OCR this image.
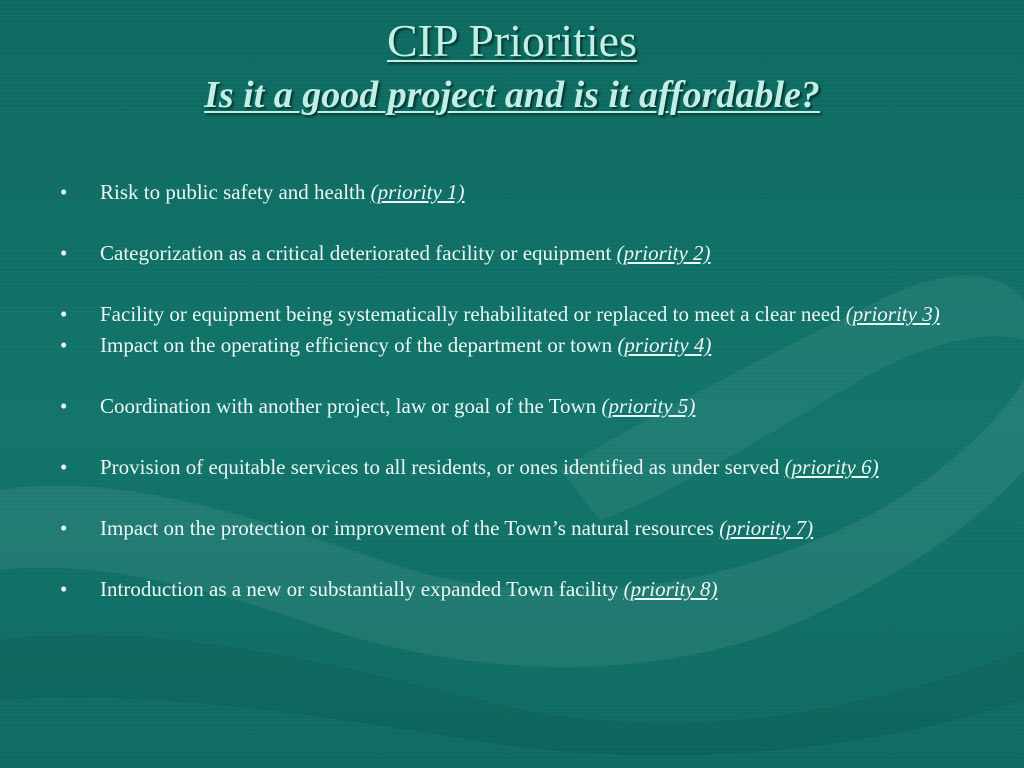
CIP Priorities
Is it a good project and is it affordable?
•	Risk to public safety and health (priority 1)
•	Categorization as a critical deteriorated facility or equipment (priority 2)
•	Facility or equipment being systematically rehabilitated or replaced to meet a clear need (priority 3)
•	Impact on the operating efficiency of the department or town (priority 4)
•	Coordination with another project, law or goal of the Town (priority 5)
•	Provision of equitable services to all residents, or ones identified as under served (priority 6)
•	Impact on the protection or improvement of the Town’s natural resources (priority 7)
•	Introduction as a new or substantially expanded Town facility (priority 8)
